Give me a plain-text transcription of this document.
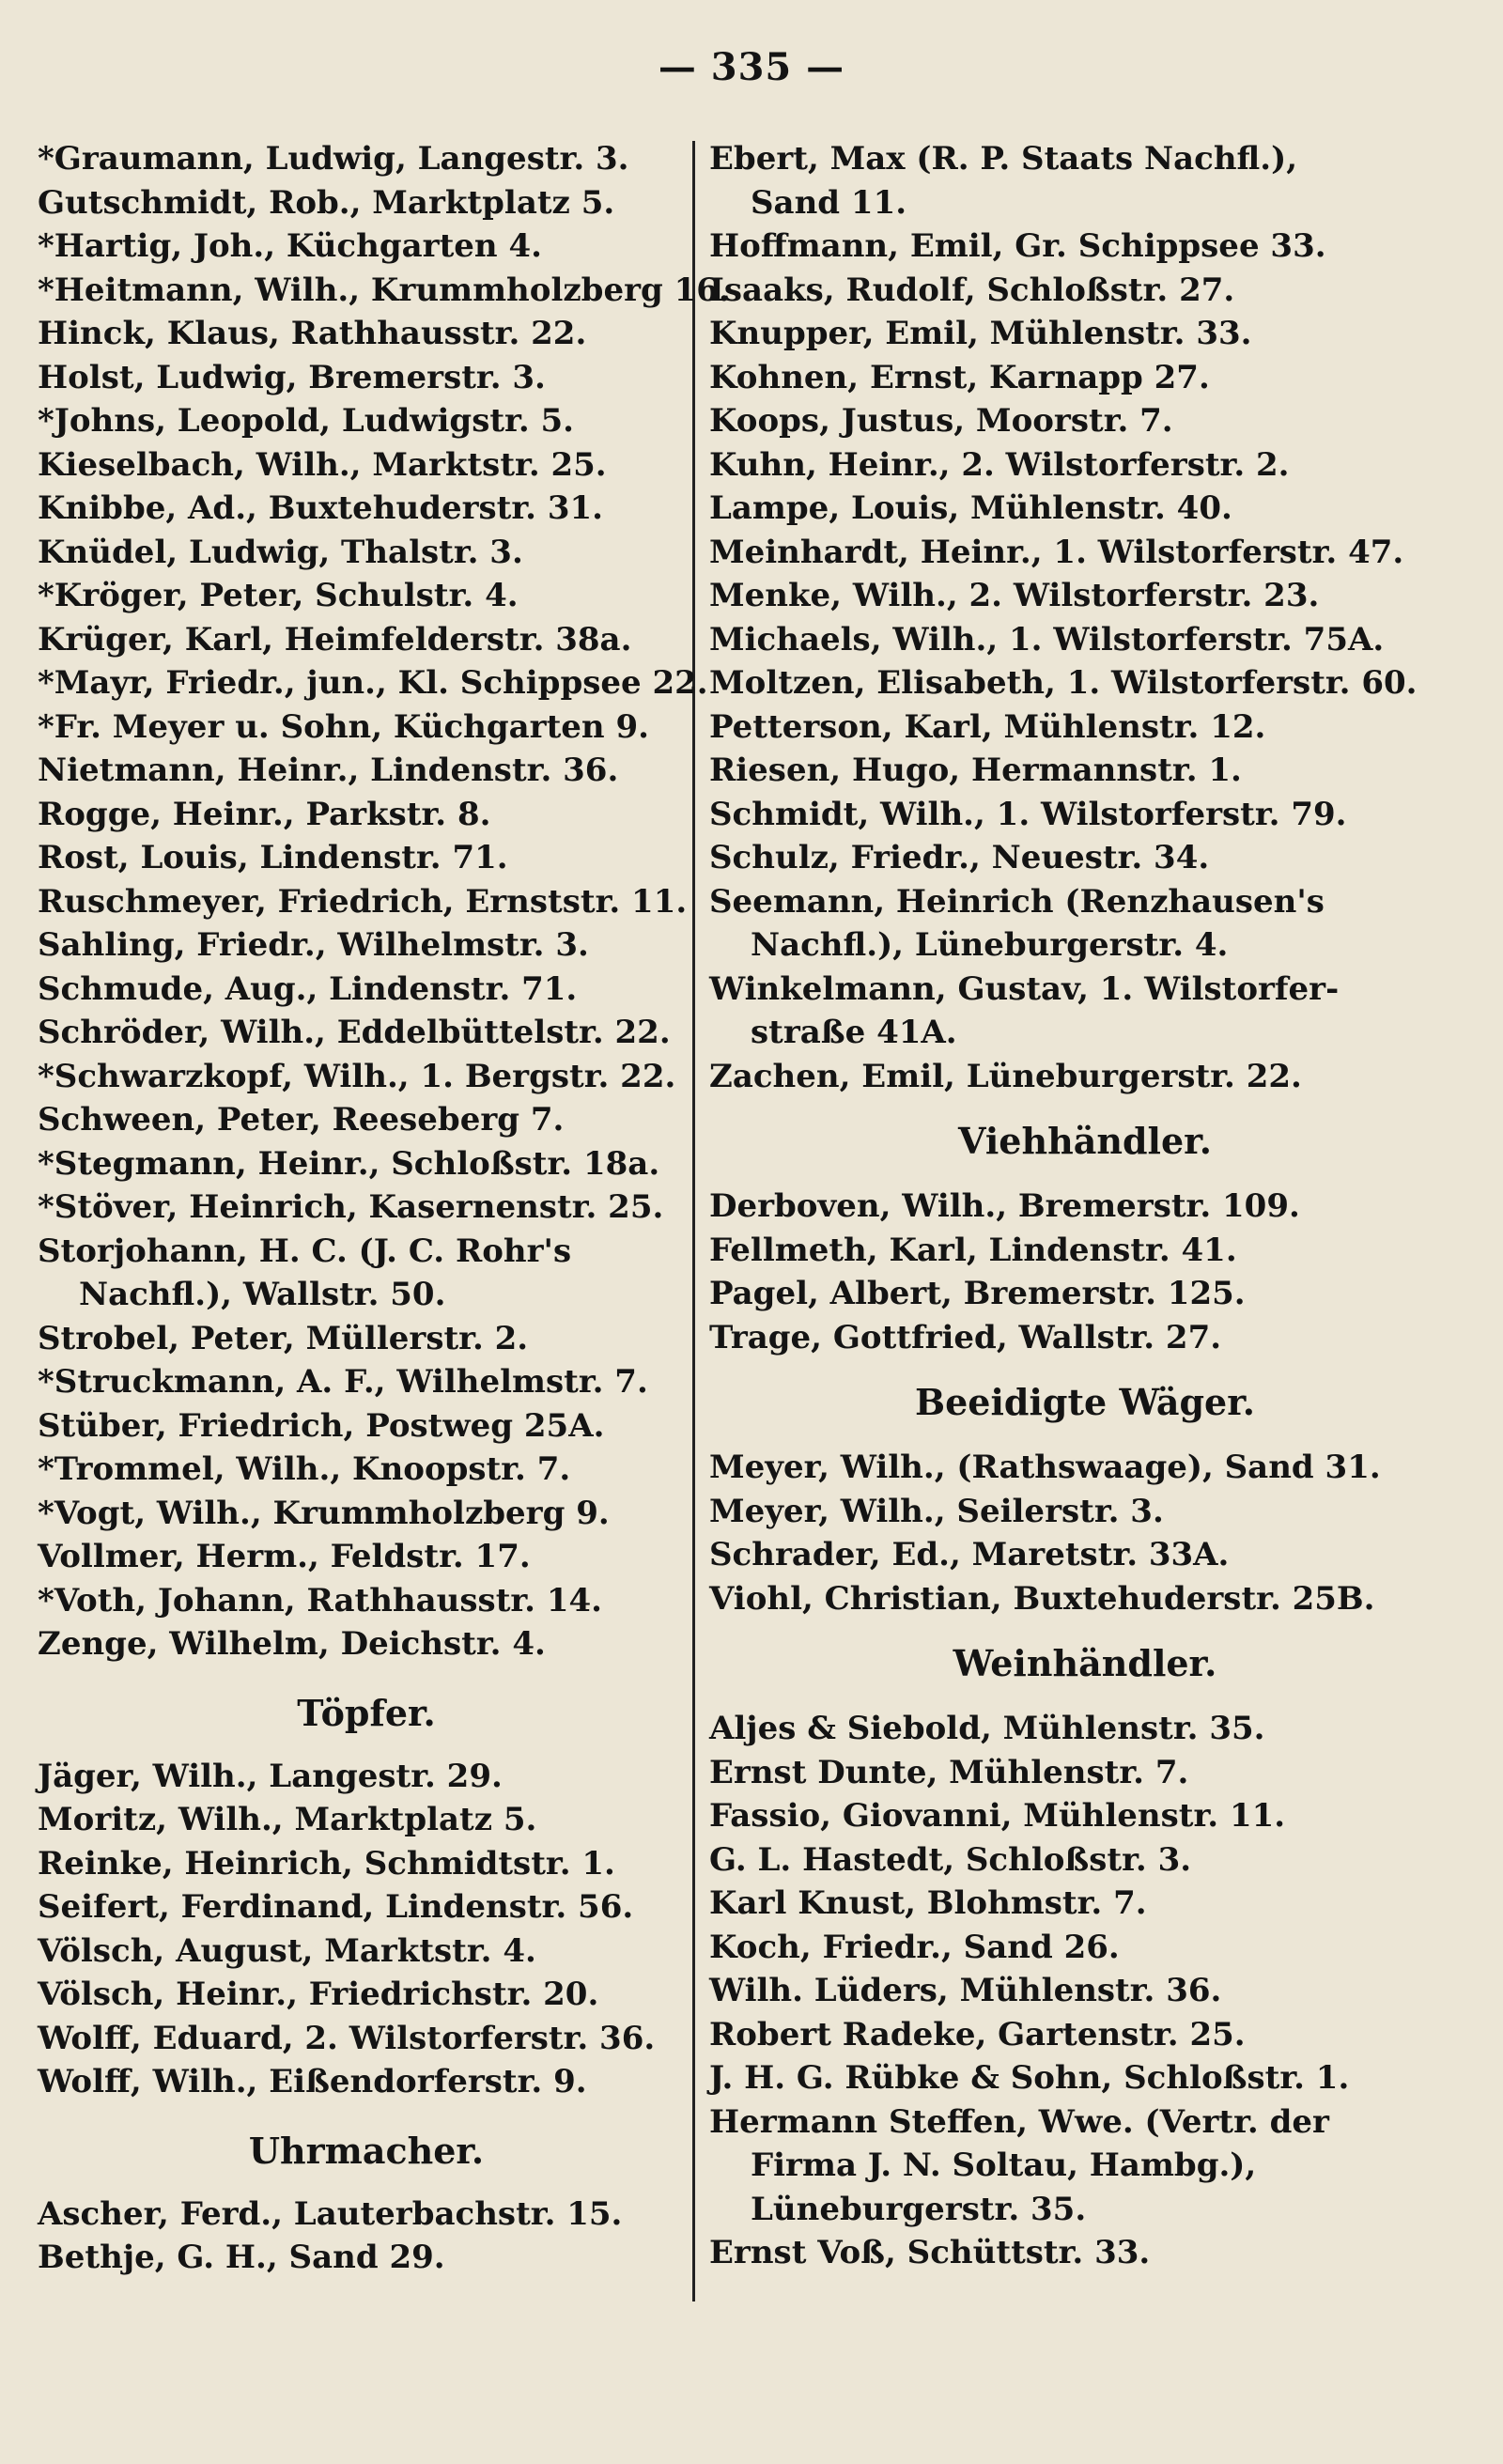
— 335 —
*Graumann, Ludwig, Langestr. 3.
Gutschmidt, Rob., Marktplatz 5.
*Hartig, Joh., Küchgarten 4.
*Heitmann, Wilh., Krummholzberg 16.
Hinck, Klaus, Rathhausstr. 22.
Holst, Ludwig, Bremerstr. 3.
*Johns, Leopold, Ludwigstr. 5.
Kieselbach, Wilh., Marktstr. 25.
Knibbe, Ad., Buxtehuderstr. 31.
Knüdel, Ludwig, Thalstr. 3.
*Kröger, Peter, Schulstr. 4.
Krüger, Karl, Heimfelderstr. 38a.
*Mayr, Friedr., jun., Kl. Schippsee 22.
*Fr. Meyer u. Sohn, Küchgarten 9.
Nietmann, Heinr., Lindenstr. 36.
Rogge, Heinr., Parkstr. 8.
Rost, Louis, Lindenstr. 71.
Ruschmeyer, Friedrich, Ernststr. 11.
Sahling, Friedr., Wilhelmstr. 3.
Schmude, Aug., Lindenstr. 71.
Schröder, Wilh., Eddelbüttelstr. 22.
*Schwarzkopf, Wilh., 1. Bergstr. 22.
Schween, Peter, Reeseberg 7.
*Stegmann, Heinr., Schloßstr. 18a.
*Stöver, Heinrich, Kasernenstr. 25.
Storjohann, H. C. (J. C. Rohr's
Nachfl.), Wallstr. 50.
Strobel, Peter, Müllerstr. 2.
*Struckmann, A. F., Wilhelmstr. 7.
Stüber, Friedrich, Postweg 25A.
*Trommel, Wilh., Knoopstr. 7.
*Vogt, Wilh., Krummholzberg 9.
Vollmer, Herm., Feldstr. 17.
*Voth, Johann, Rathhausstr. 14.
Zenge, Wilhelm, Deichstr. 4.
Töpfer.
Jäger, Wilh., Langestr. 29.
Moritz, Wilh., Marktplatz 5.
Reinke, Heinrich, Schmidtstr. 1.
Seifert, Ferdinand, Lindenstr. 56.
Völsch, August, Marktstr. 4.
Völsch, Heinr., Friedrichstr. 20.
Wolff, Eduard, 2. Wilstorferstr. 36.
Wolff, Wilh., Eißendorferstr. 9.
Uhrmacher.
Ascher, Ferd., Lauterbachstr. 15.
Bethje, G. H., Sand 29.
Ebert, Max (R. P. Staats Nachfl.),
Sand 11.
Hoffmann, Emil, Gr. Schippsee 33.
Isaaks, Rudolf, Schloßstr. 27.
Knupper, Emil, Mühlenstr. 33.
Kohnen, Ernst, Karnapp 27.
Koops, Justus, Moorstr. 7.
Kuhn, Heinr., 2. Wilstorferstr. 2.
Lampe, Louis, Mühlenstr. 40.
Meinhardt, Heinr., 1. Wilstorferstr. 47.
Menke, Wilh., 2. Wilstorferstr. 23.
Michaels, Wilh., 1. Wilstorferstr. 75A.
Moltzen, Elisabeth, 1. Wilstorferstr. 60.
Petterson, Karl, Mühlenstr. 12.
Riesen, Hugo, Hermannstr. 1.
Schmidt, Wilh., 1. Wilstorferstr. 79.
Schulz, Friedr., Neuestr. 34.
Seemann, Heinrich (Renzhausen's
Nachfl.), Lüneburgerstr. 4.
Winkelmann, Gustav, 1. Wilstorfer-
straße 41A.
Zachen, Emil, Lüneburgerstr. 22.
Viehhändler.
Derboven, Wilh., Bremerstr. 109.
Fellmeth, Karl, Lindenstr. 41.
Pagel, Albert, Bremerstr. 125.
Trage, Gottfried, Wallstr. 27.
Beeidigte Wäger.
Meyer, Wilh., (Rathswaage), Sand 31.
Meyer, Wilh., Seilerstr. 3.
Schrader, Ed., Maretstr. 33A.
Viohl, Christian, Buxtehuderstr. 25B.
Weinhändler.
Aljes & Siebold, Mühlenstr. 35.
Ernst Dunte, Mühlenstr. 7.
Fassio, Giovanni, Mühlenstr. 11.
G. L. Hastedt, Schloßstr. 3.
Karl Knust, Blohmstr. 7.
Koch, Friedr., Sand 26.
Wilh. Lüders, Mühlenstr. 36.
Robert Radeke, Gartenstr. 25.
J. H. G. Rübke & Sohn, Schloßstr. 1.
Hermann Steffen, Wwe. (Vertr. der
Firma J. N. Soltau, Hambg.),
Lüneburgerstr. 35.
Ernst Voß, Schüttstr. 33.
